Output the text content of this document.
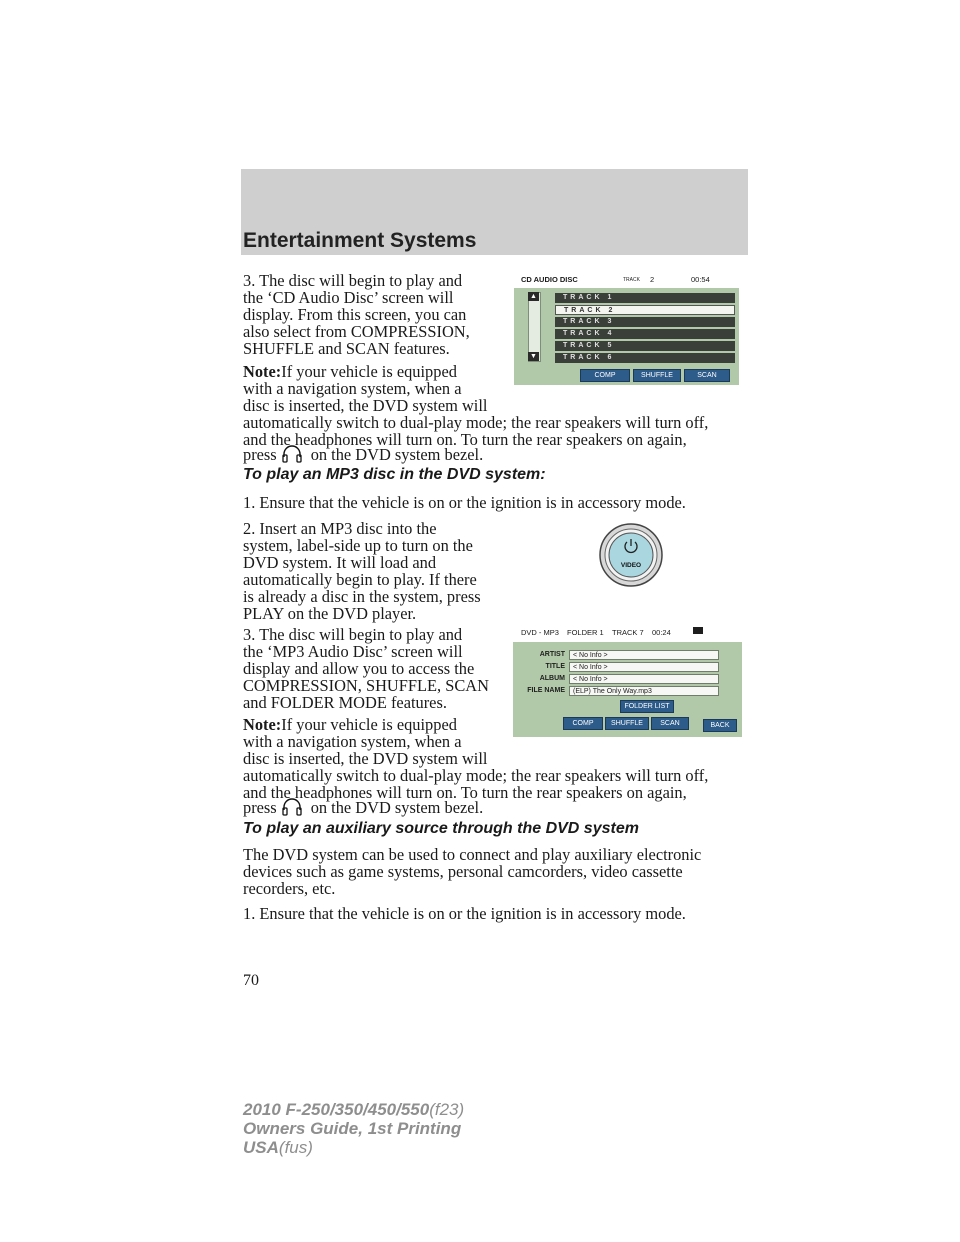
Entertainment Systems

3. The disc will begin to play and

the ‘CD Audio Disc’ screen will

display. From this screen, you can

also select from COMPRESSION,

SHUFFLE and SCAN features.

Note:If your vehicle is equipped

with a navigation system, when a

disc is inserted, the DVD system will

automatically switch to dual-play mode; the rear speakers will turn off,

and the headphones will turn on. To turn the rear speakers on again,

press on the DVD system bezel.
CD AUDIO DISC	TRACK 2	00:54
▲
▼
TRACK 1
TRACK 2
TRACK 3
TRACK 4
TRACK 5
TRACK 6
COMP	SHUFFLE	SCAN

To play an MP3 disc in the DVD system:

1. Ensure that the vehicle is on or the ignition is in accessory mode.

2. Insert an MP3 disc into the

system, label-side up to turn on the

DVD system. It will load and

automatically begin to play. If there

is already a disc in the system, press

PLAY on the DVD player.

3. The disc will begin to play and

the ‘MP3 Audio Disc’ screen will

display and allow you to access the

COMPRESSION, SHUFFLE, SCAN

and FOLDER MODE features.

Note:If your vehicle is equipped

with a navigation system, when a

disc is inserted, the DVD system will

automatically switch to dual-play mode; the rear speakers will turn off,

and the headphones will turn on. To turn the rear speakers on again,

press on the DVD system bezel.
VIDEO
DVD - MP3 FOLDER 1 TRACK 7 00:24
ARTIST	< No Info >
TITLE	< No Info >
ALBUM	< No Info >
FILE NAME	(ELP) The Only Way.mp3
FOLDER LIST
COMP	SHUFFLE	SCAN	BACK

To play an auxiliary source through the DVD system

The DVD system can be used to connect and play auxiliary electronic

devices such as game systems, personal camcorders, video cassette

recorders, etc.

1. Ensure that the vehicle is on or the ignition is in accessory mode.

70
2010 F-250/350/450/550(f23)
Owners Guide, 1st Printing
USA(fus)
